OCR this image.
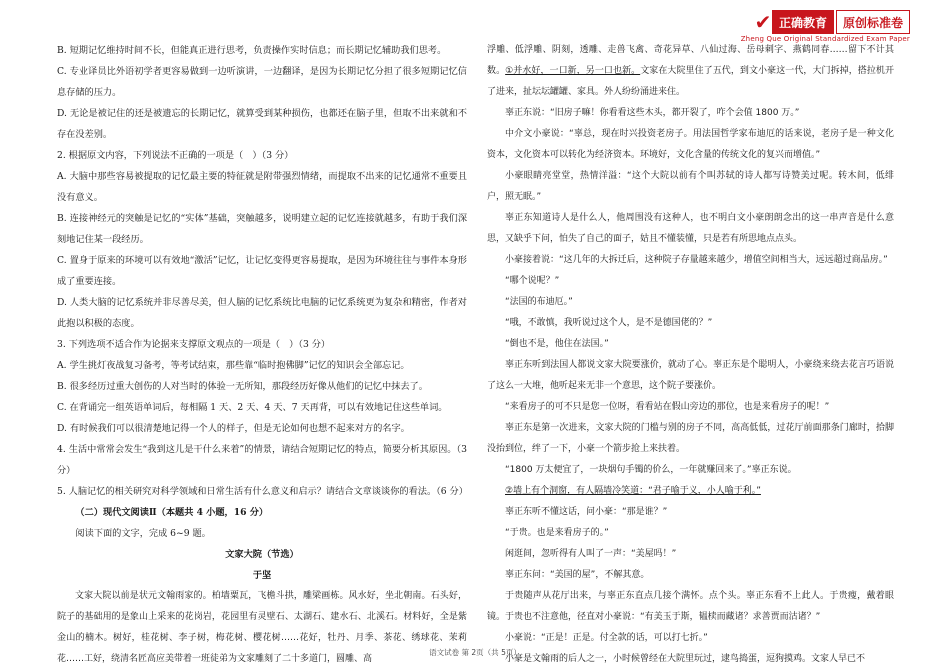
✔ 正确教育	原创标准卷
Zheng Que Original Standardized Exam Paper

B. 短期记忆维持时间不长，但能真正进行思考，负责操作实时信息；而长期记忆辅助我们思考。

C. 专业译员比外语初学者更容易做到一边听演讲，一边翻译，是因为长期记忆分担了很多短期记忆信息存储的压力。

D. 无论是被记住的还是被遗忘的长期记忆，就算受到某种损伤，也都还在脑子里，但取不出来就和不存在没差别。

2. 根据原文内容，下列说法不正确的一项是（　）（3 分）

A. 大脑中那些容易被提取的记忆最主要的特征就是附带强烈情绪，而提取不出来的记忆通常不重要且没有意义。

B. 连接神经元的突触是记忆的“实体”基础，突触越多，说明建立起的记忆连接就越多，有助于我们深刻地记住某一段经历。

C. 置身于原来的环境可以有效地“激活”记忆，让记忆变得更容易提取，是因为环境往往与事件本身形成了重要连接。

D. 人类大脑的记忆系统并非尽善尽美，但人脑的记忆系统比电脑的记忆系统更为复杂和精密，作者对此抱以积极的态度。

3. 下列选项不适合作为论据来支撑原文观点的一项是（　）（3 分）

A. 学生挑灯夜战复习备考，等考试结束，那些靠“临时抱佛脚”记忆的知识会全部忘记。

B. 很多经历过重大创伤的人对当时的体验一无所知，那段经历好像从他们的记忆中抹去了。

C. 在背诵完一组英语单词后，每相隔 1 天、2 天、4 天、7 天再背，可以有效地记住这些单词。

D. 有时候我们可以很清楚地记得一个人的样子，但是无论如何也想不起来对方的名字。

4. 生活中常常会发生“我到这儿是干什么来着”的情景，请结合短期记忆的特点，简要分析其原因。（3 分）

5. 人脑记忆的相关研究对科学领域和日常生活有什么意义和启示？请结合文章谈谈你的看法。（6 分）

（二）现代文阅读Ⅱ（本题共 4 小题，16 分）

阅读下面的文字，完成 6~9 题。

文家大院（节选）

于坚

文家大院以前是状元文翰雨家的。柏墙粟瓦，飞檐斗拱，雕梁画栋。风水好，坐北朝南。石头好，院子的基础用的是象山上采来的花岗岩，花园里有灵壁石、太湖石、建水石、北溪石。材料好，全是紫金山的楠木。树好，桂花树、李子树，梅花树、樱花树……花好，牡丹、月季、茶花、绣球花、茉莉花……工好，绕清名匠高应美带着一班徒弟为文家雕刻了二十多道门，圆雕、高

浮雕、低浮雕、阴刻，透雕、走兽飞禽、奇花异草、八仙过海、岳母刺字、燕鹤同春……留下不计其数。①并水好，一口新，另一口也新。文家在大院里住了五代，到文小豪这一代，大门拆掉，搭拉机开了进来，扯坛坛罐罐、家具。外人纷纷涌进来住。

辜正东说：“旧房子嘛！你看看这些木头，都开裂了，咋个会值 1800 万。”

中介文小豪说：“辜总，现在时兴投资老房子。用法国哲学家布迪厄的话来说，老房子是一种文化资本，文化资本可以转化为经济资本。环境好，文化含量的传统文化的复兴而增值。”

小豪眼睛亮堂堂，热情洋溢：“这个大院以前有个叫苏轼的诗人都写诗赞美过呢。转木间，低绯户，照无眠。”

辜正东知道诗人是什么人，他周围没有这种人，也不明白文小豪朗朗念出的这一串声音是什么意思，又缺乎下问，怕失了自己的面子，姑且不懂装懂，只是若有所思地点点头。

小豪接着说：“这几年的大拆迁后，这种院子存量越来越少，增值空间相当大，远远超过商品房。”

“哪个说呢？”

“法国的布迪厄。”

“哦，不敢慎，我听说过这个人，是不是德国佬的？”

“倒也不是，他住在法国。”

辜正东听到法国人都说文家大院要涨价，就动了心。辜正东是个聪明人，小豪绕来绕去花言巧语说了这么一大堆，他听起来无非一个意思，这个院子要涨价。

“来看房子的可不只是您一位呀，看看站在假山旁边的那位，也是来看房子的呢！”

辜正东是第一次进来，文家大院的门槛与别的房子不同，高高低低，过花厅前面那条门廊时，拾脚没抬到位，绊了一下，小豪一个箭步抢上来扶着。

“1800 万太便宜了，一块烟句手镯的价么，一年就赚回来了。”辜正东说。

②墙上有个洞窗，有人隔墙冷笑道：“君子喻于义，小人喻于利。”

辜正东听不懂这话，问小豪：“那是谁？”

“于贵。也是来看房子的。”

闲逛间，忽听得有人叫了一声：“美屋吗！”

辜正东问：“美国的屋”，不解其意。

于贵随声从花厅出来，与辜正东直点几接个满怀。点个头。辜正东看不上此人。于贵瘦，戴着眼镜。于贵也不注意他，径直对小豪说：“有美玉于斯，韫椟而藏诸？求善贾而沽诸？”

小豪说：“正是！正是。付全款的话，可以打七折。”

小豪是文翰雨的后人之一，小时候曾经在大院里玩过，逮鸟捣蛋，逗狗摸鸡。文家人早已不

语文试卷 第 2页（共 5页）
